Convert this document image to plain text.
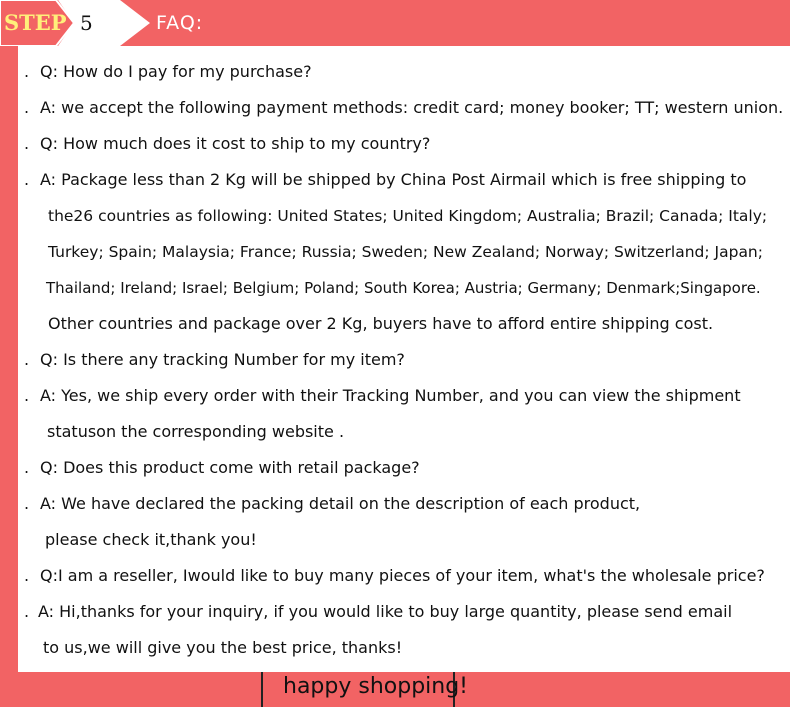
STEP 5	FAQ:
. Q: How do I pay for my purchase?
. A: we accept the following payment methods: credit card; money booker; TT; western union.
. Q: How much does it cost to ship to my country?
. A: Package less than 2 Kg will be shipped by China Post Airmail which is free shipping to
the26 countries as following: United States; United Kingdom; Australia; Brazil; Canada; Italy;
Turkey; Spain; Malaysia; France; Russia; Sweden; New Zealand; Norway; Switzerland; Japan;
Thailand; Ireland; Israel; Belgium; Poland; South Korea; Austria; Germany; Denmark;Singapore.
Other countries and package over 2 Kg, buyers have to afford entire shipping cost.
. Q: Is there any tracking Number for my item?
. A: Yes, we ship every order with their Tracking Number, and you can view the shipment
statuson the corresponding website .
. Q: Does this product come with retail package?
. A: We have declared the packing detail on the description of each product,
please check it,thank you!
. Q:I am a reseller, Iwould like to buy many pieces of your item, what's the wholesale price?
. A: Hi,thanks for your inquiry, if you would like to buy large quantity, please send email
to us,we will give you the best price, thanks!
happy shopping!
